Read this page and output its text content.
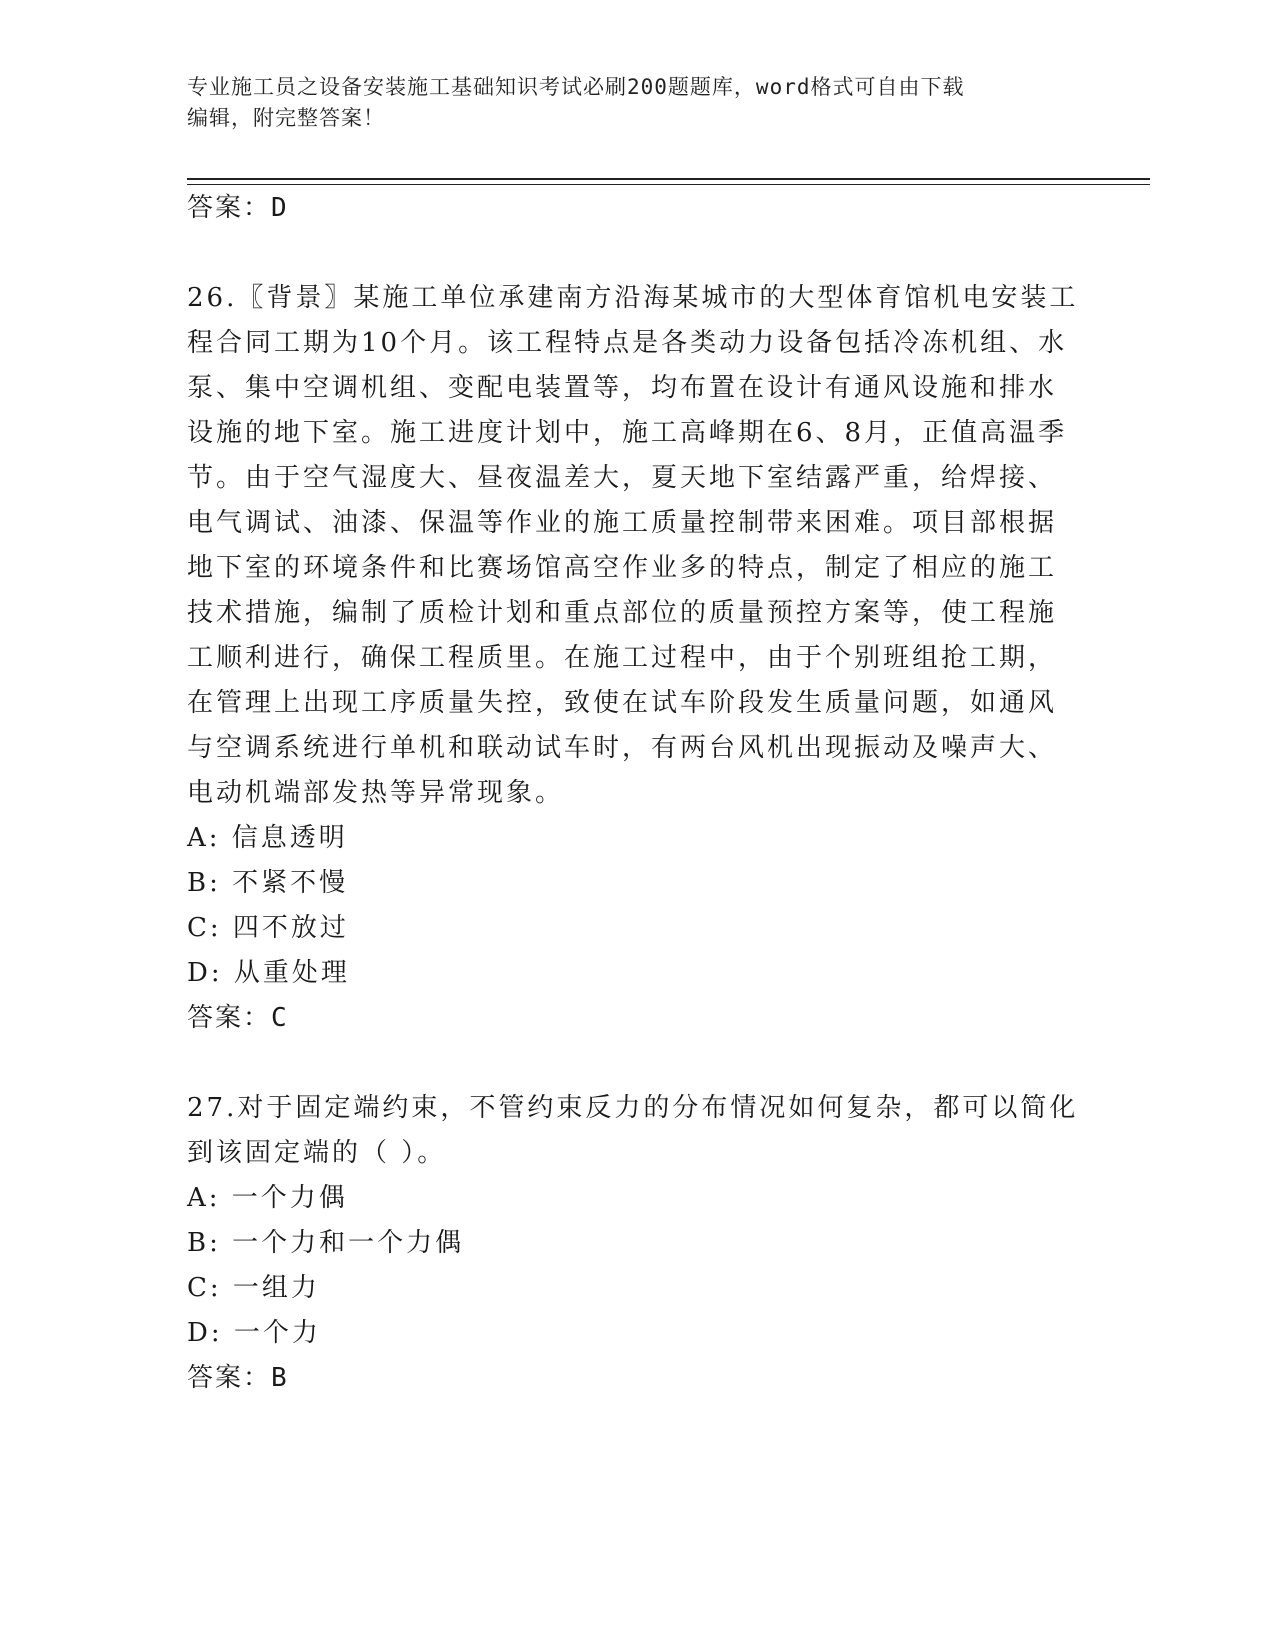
专业施工员之设备安装施工基础知识考试必刷200题题库，word格式可自由下载
编辑，附完整答案！
答案：D
26.〖背景〗某施工单位承建南方沿海某城市的大型体育馆机电安装工
程合同工期为10个月。该工程特点是各类动力设备包括冷冻机组、水
泵、集中空调机组、变配电装置等，均布置在设计有通风设施和排水
设施的地下室。施工进度计划中，施工高峰期在6、8月，正值高温季
节。由于空气湿度大、昼夜温差大，夏天地下室结露严重，给焊接、
电气调试、油漆、保温等作业的施工质量控制带来困难。项目部根据
地下室的环境条件和比赛场馆高空作业多的特点，制定了相应的施工
技术措施，编制了质检计划和重点部位的质量预控方案等，使工程施
工顺利进行，确保工程质里。在施工过程中，由于个别班组抢工期，
在管理上出现工序质量失控，致使在试车阶段发生质量问题，如通风
与空调系统进行单机和联动试车时，有两台风机出现振动及噪声大、
电动机端部发热等异常现象。
A: 信息透明
B: 不紧不慢
C: 四不放过
D: 从重处理
答案：C
27.对于固定端约束，不管约束反力的分布情况如何复杂，都可以简化
到该固定端的（ ）。
A: 一个力偶
B: 一个力和一个力偶
C: 一组力
D: 一个力
答案：B
